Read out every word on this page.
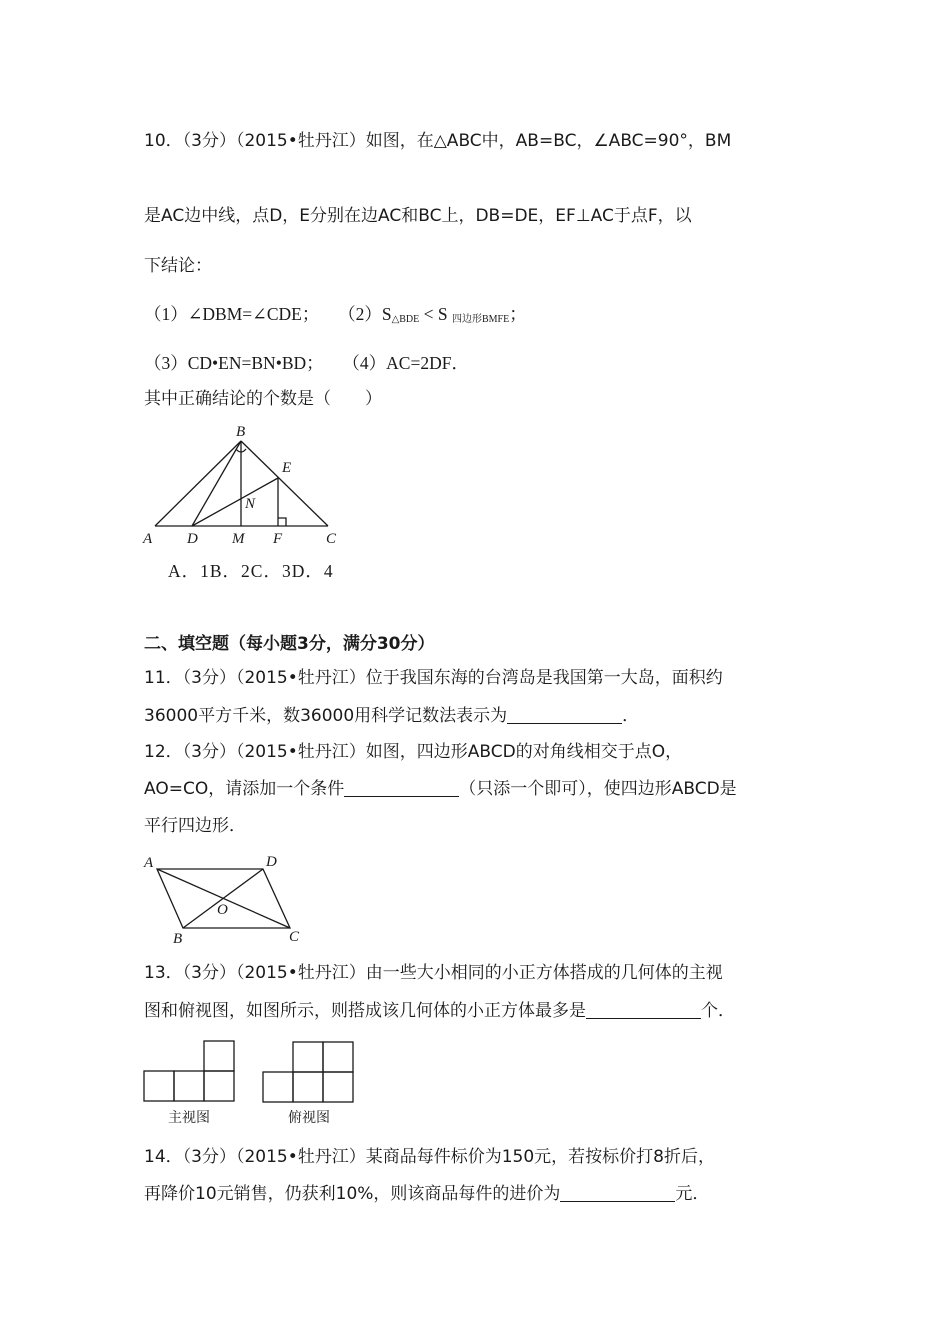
10．（3分）（2015•牡丹江）如图，在△ABC中，AB=BC，∠ABC=90°，BM
是AC边中线，点D，E分别在边AC和BC上，DB=DE，EF⊥AC于点F，以
下结论：
（1）∠DBM=∠CDE； $(2)S_{\triangle BDE} < S$ $_{四边形BMFE}$；
（3）CD•EN=BN•BD； （4）AC=2DF．
其中正确结论的个数是（　　）
B
E
N
A D M F	C
A．1B．2C．3D．4
二、填空题（每小题3分，满分30分）
11．（3分）（2015•牡丹江）位于我国东海的台湾岛是我国第一大岛，面积约
36000平方千米，数36000用科学记数法表示为	．
12．（3分）（2015•牡丹江）如图，四边形ABCD的对角线相交于点O，
AO=CO，请添加一个条件	（只添一个即可），使四边形ABCD是
平行四边形．
A	D
O
B	C
13．（3分）（2015•牡丹江）由一些大小相同的小正方体搭成的几何体的主视
图和俯视图，如图所示，则搭成该几何体的小正方体最多是	个．
主视图	俯视图
14．（3分）（2015•牡丹江）某商品每件标价为150元，若按标价打8折后，
再降价10元销售，仍获利10%，则该商品每件的进价为	元．
